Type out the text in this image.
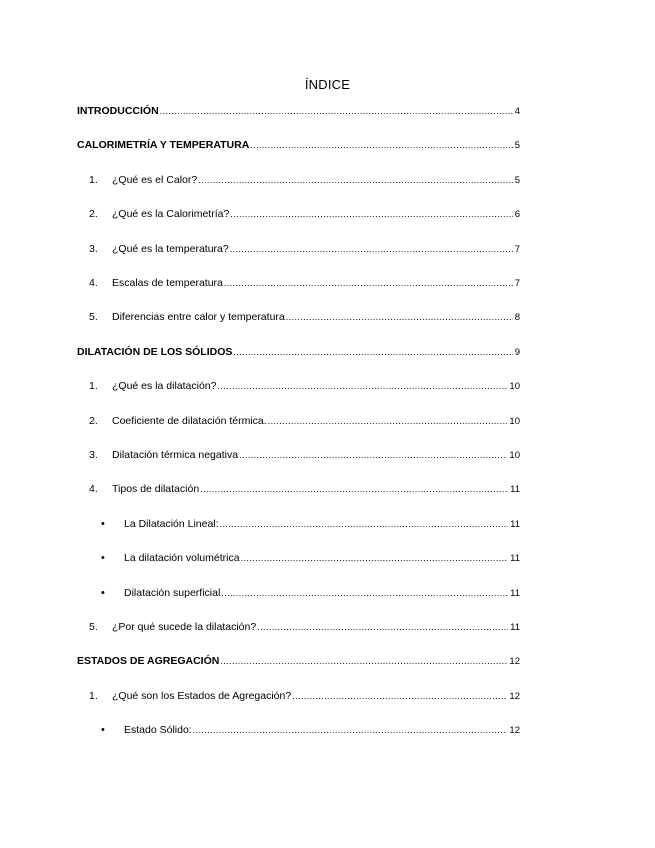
ÍNDICE
INTRODUCCIÓN .....	4
CALORIMETRÍA Y TEMPERATURA .....	5
1.	¿Qué es el Calor? .....	5
2.	¿Qué es la Calorimetría? .....	6
3.	¿Qué es la temperatura? .....	7
4.	Escalas de temperatura .....	7
5.	Diferencias entre calor y temperatura .....	8
DILATACIÓN DE LOS SÓLIDOS .....	9
1.	¿Qué es la dilatación? .....	10
2.	Coeficiente de dilatación térmica. .....	10
3.	Dilatación térmica negativa .....	10
4.	Tipos de dilatación .....	11
•
La Dilatación Lineal: .....	11
•
La dilatación volumétrica .....	11
•
Dilatación superficial .....	11
5.	¿Por qué sucede la dilatación? .....	11
ESTADOS DE AGREGACIÓN .....	12
1.	¿Qué son los Estados de Agregación? .....	12
•
Estado Sólido: .....	12
